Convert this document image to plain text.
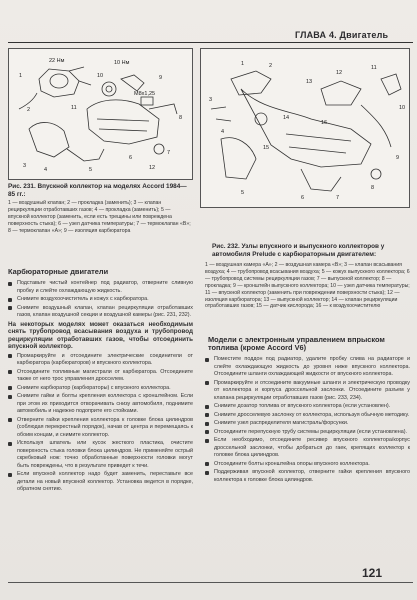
ГЛАВА 4. Двигатель
22 Нм	10 Нм
M8x1,25
1
2
3
4	5
6
7
8
9
10
11
12
Рис. 231. Впускной коллектор на моделях Accord 1984—85 гг.:
1 — воздушный клапан; 2 — прокладка (заменить); 3 — клапан рециркуляции отработавших газов; 4 — прокладка (заменить); 5 — впускной коллектор (заменить, если есть трещины или повреждена поверхность стыка); 6 — узел датчика температуры; 7 — термоклапан «В»; 8 — термоклапан «А»; 9 — изоляция карбюратора
1	2
3
4
5
6	7
8
9
10
11
12
13
14
15
16
Рис. 232. Узлы впускного и выпускного коллекторов у автомобиля Prelude с карбюраторным двигателем:
1 — воздушная камера «А»; 2 — воздушная камера «В»; 3 — клапан всасывания воздуха; 4 — трубопровод всасывания воздуха; 5 — кожух выпускного коллектора; 6 — трубопровод системы рециркуляции газов; 7 — выпускной коллектор; 8 — прокладка; 9 — кронштейн выпускного коллектора; 10 — узел датчика температуры; 11 — впускной коллектор (заменить при повреждении поверхности стыка); 12 — изоляция карбюратора; 13 — выпускной коллектор; 14 — клапан рециркуляции отработавших газов; 15 — датчик кислорода; 16 — к воздухоочистителю
Карбюраторные двигатели
Подставьте чистый контейнер под радиатор, отверните сливную пробку и слейте охлаждающую жидкость.
Снимите воздухоочиститель и кожух с карбюратора.
Снимите воздушный клапан, клапан рециркуляции отработавших газов, клапан воздушной секции и воздушной камеры (рис. 231, 232).

На некоторых моделях может оказаться необходимым снять трубопровод всасывания воздуха и трубопровод рециркуляции отработавших газов, чтобы отсоединить впускной коллектор.

Промаркируйте и отсоедините электрические соединители от карбюратора (карбюраторов) и впускного коллектора.
Отсоедините топливные магистрали от карбюратора. Отсоедините также от него трос управления дросселем.
Снимите карбюратор (карбюраторы) с впускного коллектора.
Снимите гайки и болты крепления коллектора с кронштейном. Если при этом их приходится отворачивать снизу автомобиля, поднимите автомобиль и надежно подоприте его стойками.
Отверните гайки крепления коллектора к головке блока цилиндров (соблюдая перекрестный порядок), начав от центра и перемещаясь к обоим концам, и снимите коллектор.
Используя шпатель или кусок жесткого пластика, очистите поверхность стыка головки блока цилиндров. Не применяйте острый скребковый нож: точно обработанные поверхности головки могут быть повреждены, что в результате приведет к течи.
Если впускной коллектор надо будет заменить, переставьте все детали на новый впускной коллектор. Установка ведется в порядке, обратном снятию.
Модели с электронным управлением впрыском топлива (кроме Accord V6)
Поместите поддон под радиатор, удалите пробку слива на радиаторе и слейте охлаждающую жидкость до уровня ниже впускного коллектора. Отсоедините шланги охлаждающей жидкости от впускного коллектора.
Промаркируйте и отсоедините вакуумные шланги и электрическую проводку от коллектора и корпуса дроссельной заслонки. Отсоедините разъем у клапана рециркуляции отработавших газов (рис. 233, 234).
Снимите дозатор топлива от впускного коллектора (если установлен).
Снимите дросселевую заслонку от коллектора, используя обычную методику.
Снимите узел распределителя магистраль/форсунки.
Отсоедините перепускную трубу системы рециркуляции (если установлена).
Если необходимо, отсоедините ресивер впускного коллектора/корпус дроссельной заслонки, чтобы добраться до гаек, крепящих коллектор к головке блока цилиндров.
Отсоедините болты кронштейна опоры впускного коллектора.
Поддерживая впускной коллектор, отверните гайки крепления впускного коллектора к головке блока цилиндров.
121
